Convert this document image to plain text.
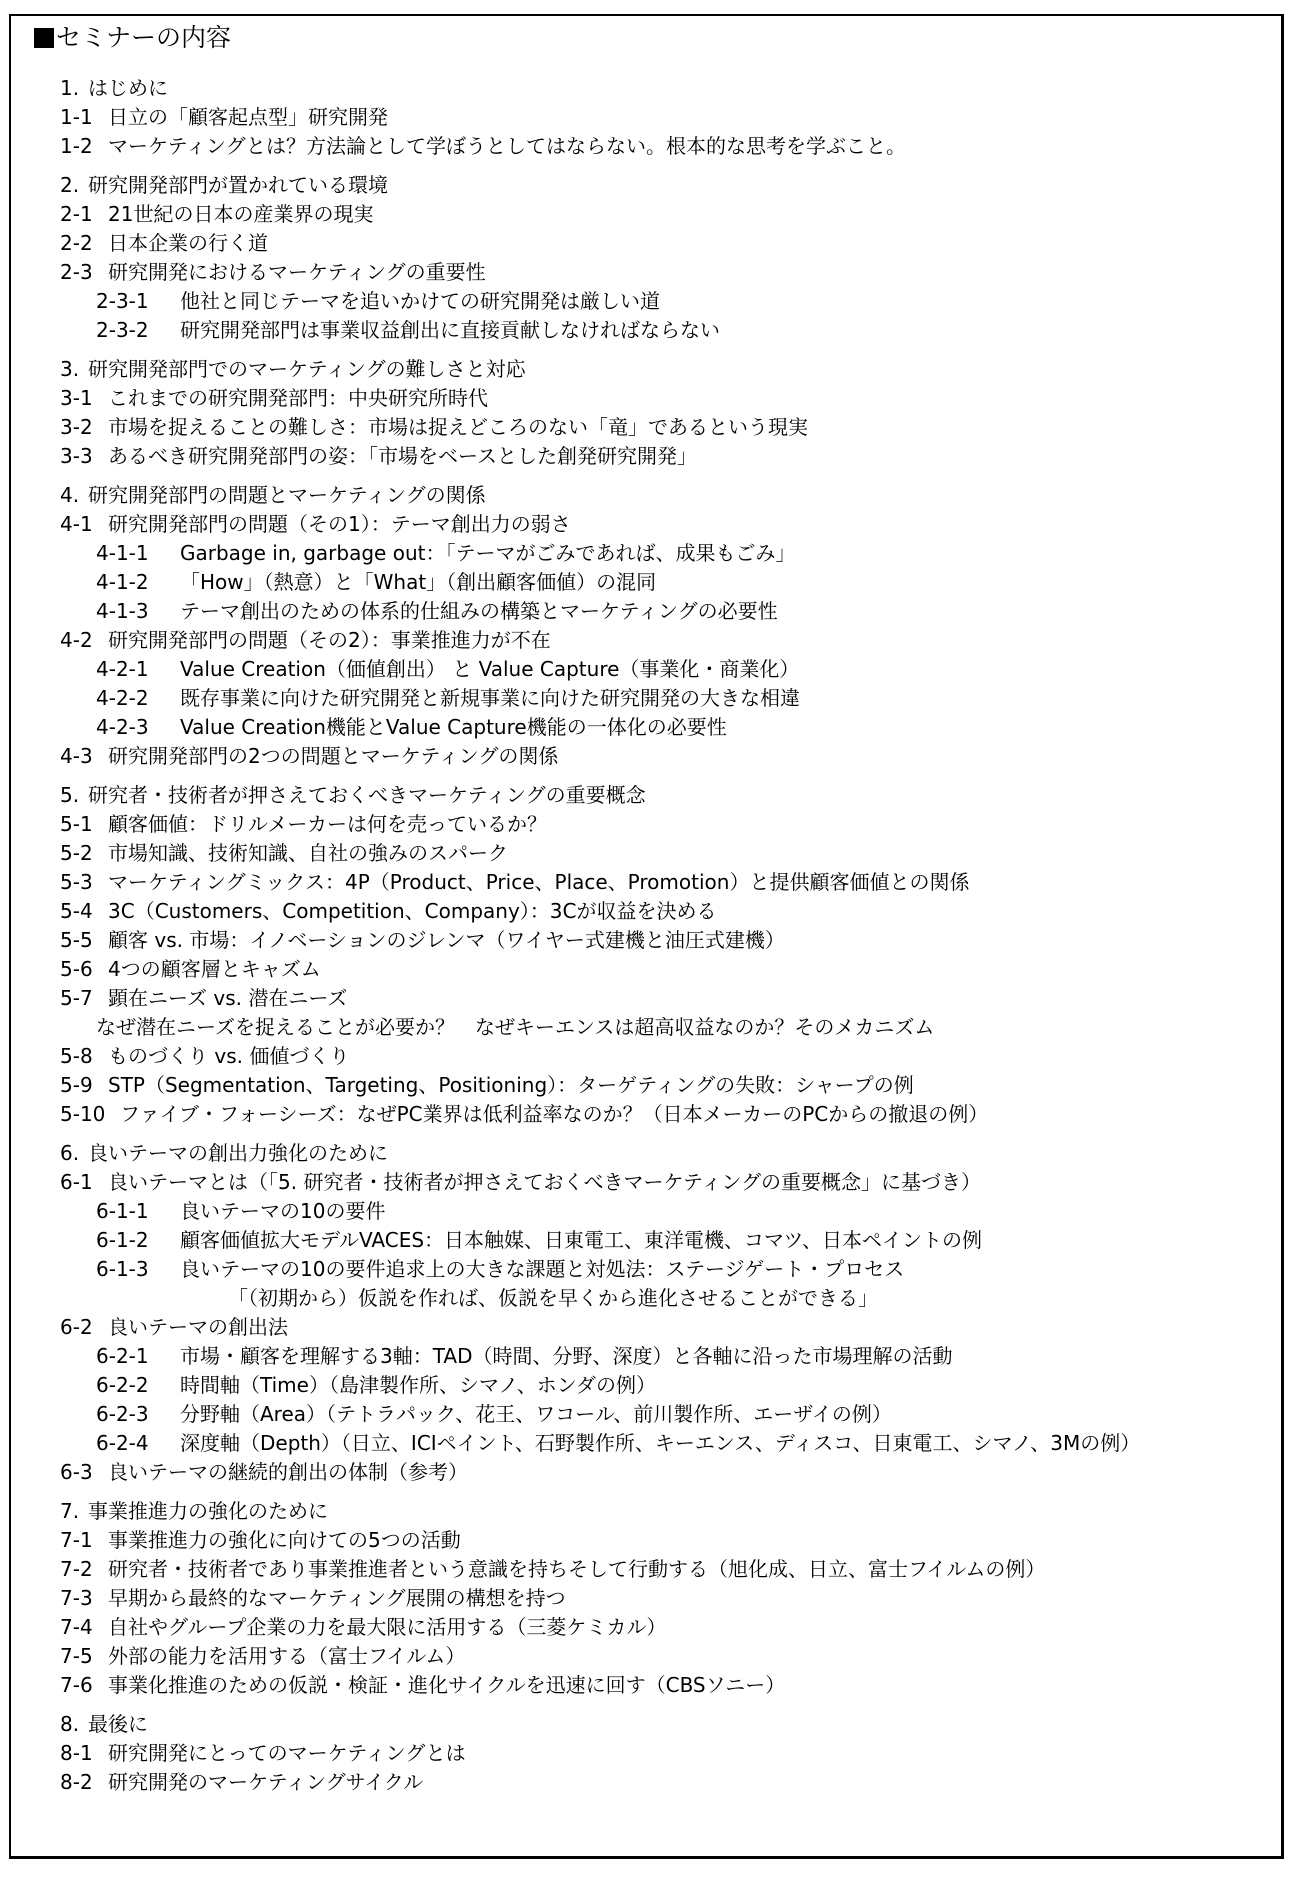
セミナーの内容
1. はじめに
1-1 日立の「顧客起点型」研究開発
1-2 マーケティングとは？方法論として学ぼうとしてはならない。根本的な思考を学ぶこと。
2. 研究開発部門が置かれている環境
2-1 21世紀の日本の産業界の現実
2-2 日本企業の行く道
2-3 研究開発におけるマーケティングの重要性
2-3-1 他社と同じテーマを追いかけての研究開発は厳しい道
2-3-2 研究開発部門は事業収益創出に直接貢献しなければならない
3. 研究開発部門でのマーケティングの難しさと対応
3-1 これまでの研究開発部門：中央研究所時代
3-2 市場を捉えることの難しさ：市場は捉えどころのない「竜」であるという現実
3-3 あるべき研究開発部門の姿：「市場をベースとした創発研究開発」
4. 研究開発部門の問題とマーケティングの関係
4-1 研究開発部門の問題（その1）：テーマ創出力の弱さ
4-1-1 Garbage in, garbage out：「テーマがごみであれば、成果もごみ」
4-1-2 「How」（熱意）と「What」（創出顧客価値）の混同
4-1-3 テーマ創出のための体系的仕組みの構築とマーケティングの必要性
4-2 研究開発部門の問題（その2）：事業推進力が不在
4-2-1 Value Creation（価値創出） と Value Capture（事業化・商業化）
4-2-2 既存事業に向けた研究開発と新規事業に向けた研究開発の大きな相違
4-2-3 Value Creation機能とValue Capture機能の一体化の必要性
4-3 研究開発部門の2つの問題とマーケティングの関係
5. 研究者・技術者が押さえておくべきマーケティングの重要概念
5-1 顧客価値：ドリルメーカーは何を売っているか？
5-2 市場知識、技術知識、自社の強みのスパーク
5-3 マーケティングミックス：4P（Product、Price、Place、Promotion）と提供顧客価値との関係
5-4 3C（Customers、Competition、Company）：3Cが収益を決める
5-5 顧客 vs. 市場：イノベーションのジレンマ（ワイヤー式建機と油圧式建機）
5-6 4つの顧客層とキャズム
5-7 顕在ニーズ vs. 潜在ニーズ
なぜ潜在ニーズを捉えることが必要か？　なぜキーエンスは超高収益なのか？そのメカニズム
5-8 ものづくり vs. 価値づくり
5-9 STP（Segmentation、Targeting、Positioning）：ターゲティングの失敗：シャープの例
5-10 ファイブ・フォーシーズ：なぜPC業界は低利益率なのか？（日本メーカーのPCからの撤退の例）
6. 良いテーマの創出力強化のために
6-1 良いテーマとは（「5. 研究者・技術者が押さえておくべきマーケティングの重要概念」に基づき）
6-1-1 良いテーマの10の要件
6-1-2 顧客価値拡大モデルVACES：日本触媒、日東電工、東洋電機、コマツ、日本ペイントの例
6-1-3 良いテーマの10の要件追求上の大きな課題と対処法：ステージゲート・プロセス
「（初期から）仮説を作れば、仮説を早くから進化させることができる」
6-2 良いテーマの創出法
6-2-1 市場・顧客を理解する3軸：TAD（時間、分野、深度）と各軸に沿った市場理解の活動
6-2-2 時間軸（Time）（島津製作所、シマノ、ホンダの例）
6-2-3 分野軸（Area）（テトラパック、花王、ワコール、前川製作所、エーザイの例）
6-2-4 深度軸（Depth）（日立、ICIペイント、石野製作所、キーエンス、ディスコ、日東電工、シマノ、3Mの例）
6-3 良いテーマの継続的創出の体制（参考）
7. 事業推進力の強化のために
7-1 事業推進力の強化に向けての5つの活動
7-2 研究者・技術者であり事業推進者という意識を持ちそして行動する（旭化成、日立、富士フイルムの例）
7-3 早期から最終的なマーケティング展開の構想を持つ
7-4 自社やグループ企業の力を最大限に活用する（三菱ケミカル）
7-5 外部の能力を活用する（富士フイルム）
7-6 事業化推進のための仮説・検証・進化サイクルを迅速に回す（CBSソニー）
8. 最後に
8-1 研究開発にとってのマーケティングとは
8-2 研究開発のマーケティングサイクル
